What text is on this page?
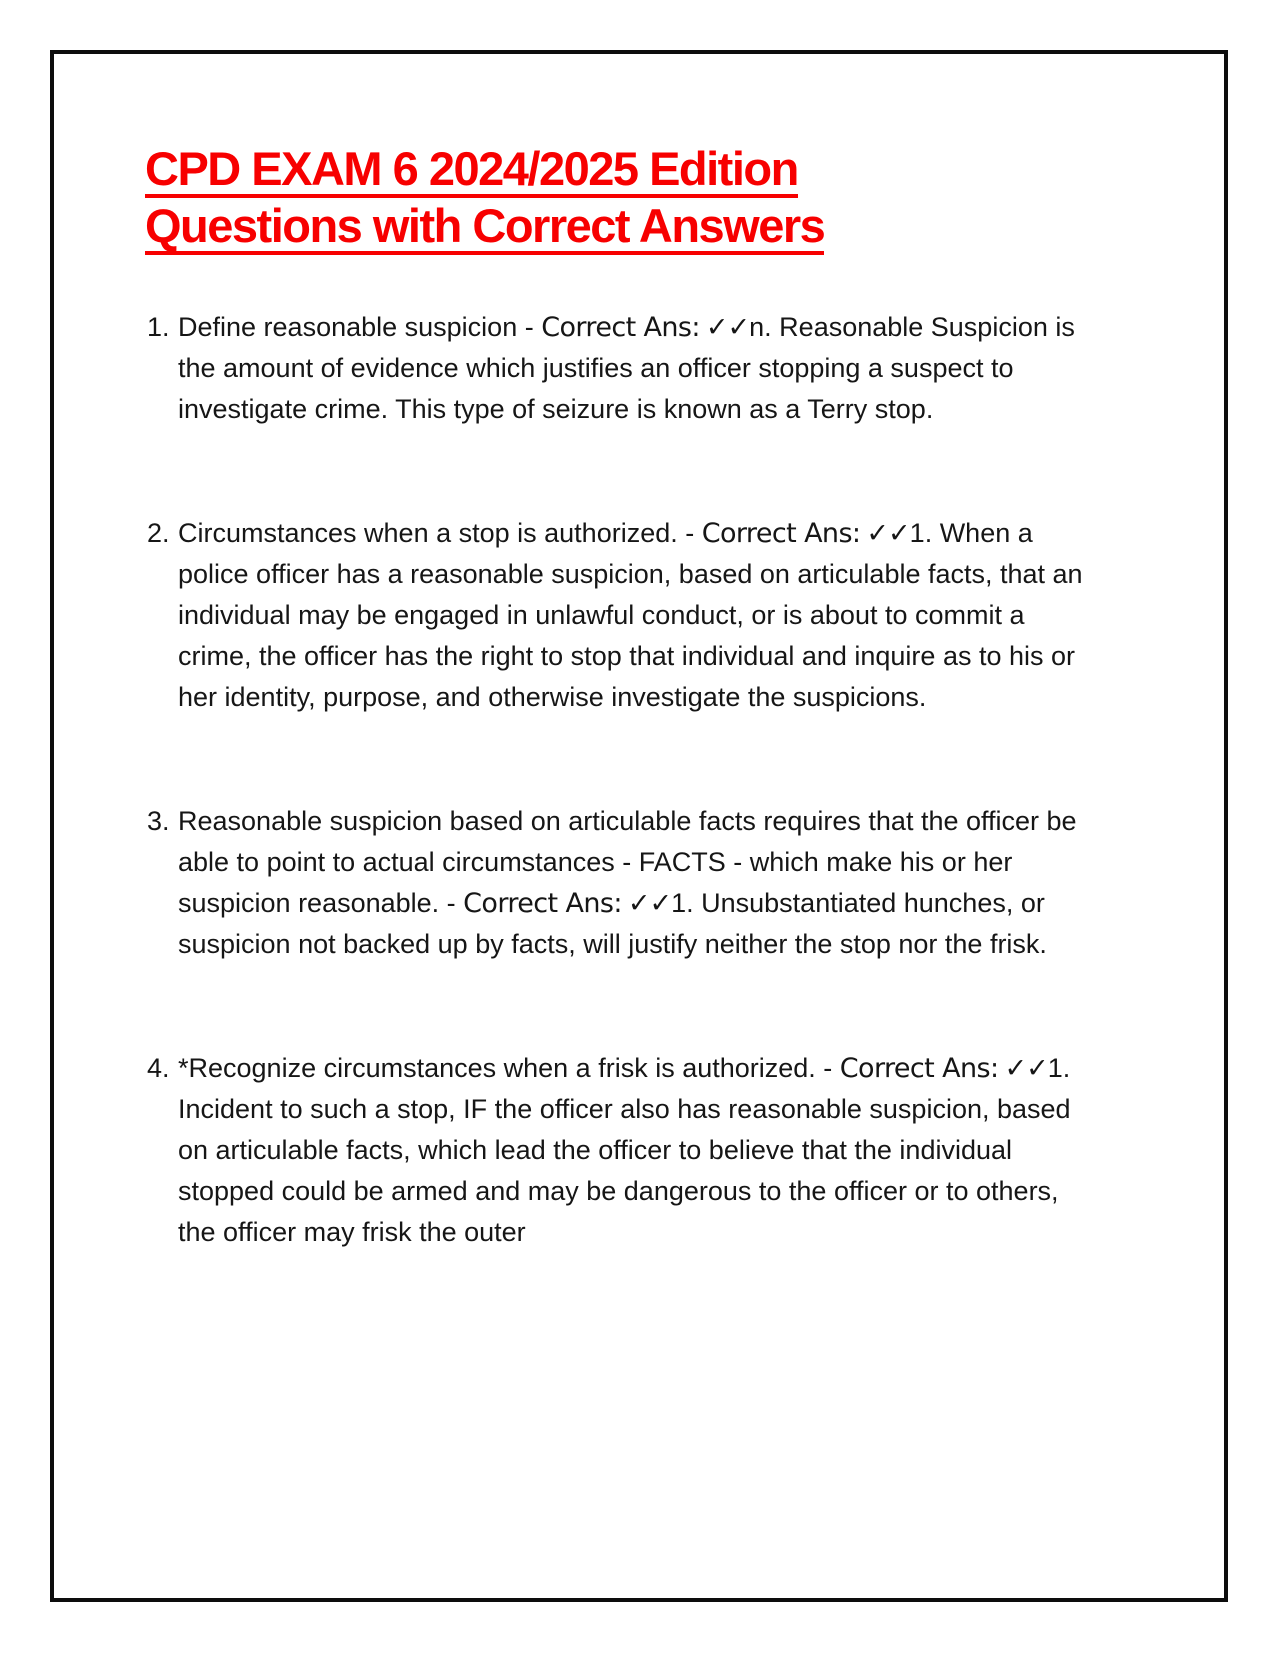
CPD EXAM 6 2024/2025 Edition
Questions with Correct Answers
1. Define reasonable suspicion - Correct Ans: ✓✓n. Reasonable Suspicion is the amount of evidence which justifies an officer stopping a suspect to investigate crime. This type of seizure is known as a Terry stop.

2. Circumstances when a stop is authorized. - Correct Ans: ✓✓1. When a police officer has a reasonable suspicion, based on articulable facts, that an individual may be engaged in unlawful conduct, or is about to commit a crime, the officer has the right to stop that individual and inquire as to his or her identity, purpose, and otherwise investigate the suspicions.

3. Reasonable suspicion based on articulable facts requires that the officer be able to point to actual circumstances - FACTS - which make his or her suspicion reasonable. - Correct Ans: ✓✓1. Unsubstantiated hunches, or suspicion not backed up by facts, will justify neither the stop nor the frisk.

4. *Recognize circumstances when a frisk is authorized. - Correct Ans: ✓✓1. Incident to such a stop, IF the officer also has reasonable suspicion, based on articulable facts, which lead the officer to believe that the individual stopped could be armed and may be dangerous to the officer or to others, the officer may frisk the outer
